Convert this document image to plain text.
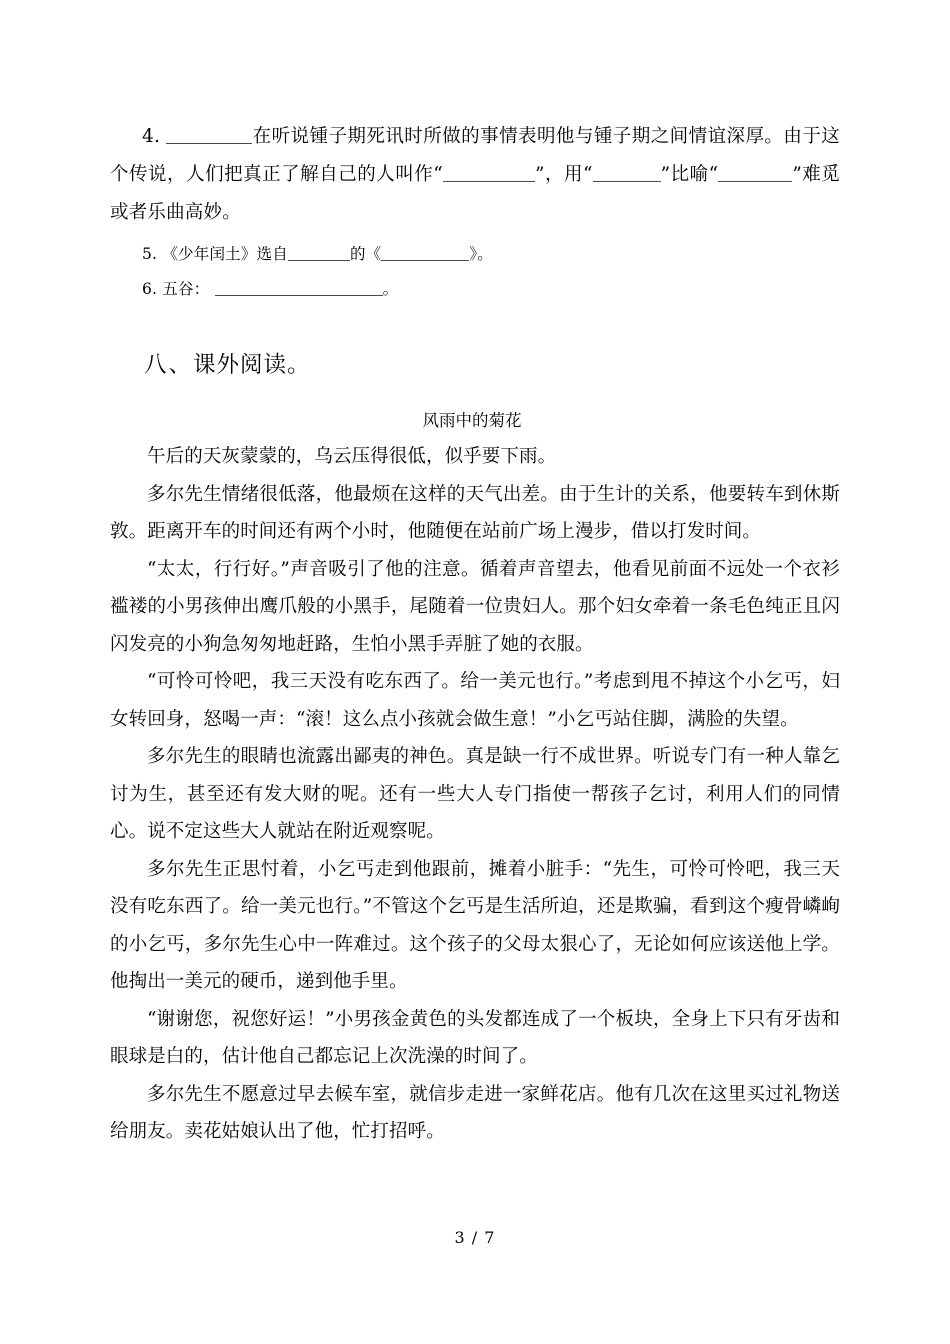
4.	在听说锺子期死讯时所做的事情表明他与锺子期之间情谊深厚。由于这个传说，人们把真正了解自己的人叫作“	”，用“	”比喻“	”难觅或者乐曲高妙。
5. 《少年闰土》选自	的《	》。
6. 五谷：	。
八、课外阅读。
风雨中的菊花

午后的天灰蒙蒙的，乌云压得很低，似乎要下雨。

多尔先生情绪很低落，他最烦在这样的天气出差。由于生计的关系，他要转车到休斯敦。距离开车的时间还有两个小时，他随便在站前广场上漫步，借以打发时间。

“太太，行行好。”声音吸引了他的注意。循着声音望去，他看见前面不远处一个衣衫褴褛的小男孩伸出鹰爪般的小黑手，尾随着一位贵妇人。那个妇女牵着一条毛色纯正且闪闪发亮的小狗急匆匆地赶路，生怕小黑手弄脏了她的衣服。

“可怜可怜吧，我三天没有吃东西了。给一美元也行。”考虑到甩不掉这个小乞丐，妇女转回身，怒喝一声：“滚！这么点小孩就会做生意！”小乞丐站住脚，满脸的失望。

多尔先生的眼睛也流露出鄙夷的神色。真是缺一行不成世界。听说专门有一种人靠乞讨为生，甚至还有发大财的呢。还有一些大人专门指使一帮孩子乞讨，利用人们的同情心。说不定这些大人就站在附近观察呢。

多尔先生正思忖着，小乞丐走到他跟前，摊着小脏手：“先生，可怜可怜吧，我三天没有吃东西了。给一美元也行。”不管这个乞丐是生活所迫，还是欺骗，看到这个瘦骨嶙峋的小乞丐，多尔先生心中一阵难过。这个孩子的父母太狠心了，无论如何应该送他上学。他掏出一美元的硬币，递到他手里。

“谢谢您，祝您好运！”小男孩金黄色的头发都连成了一个板块，全身上下只有牙齿和眼球是白的，估计他自己都忘记上次洗澡的时间了。

多尔先生不愿意过早去候车室，就信步走进一家鲜花店。他有几次在这里买过礼物送给朋友。卖花姑娘认出了他，忙打招呼。

3 / 7
